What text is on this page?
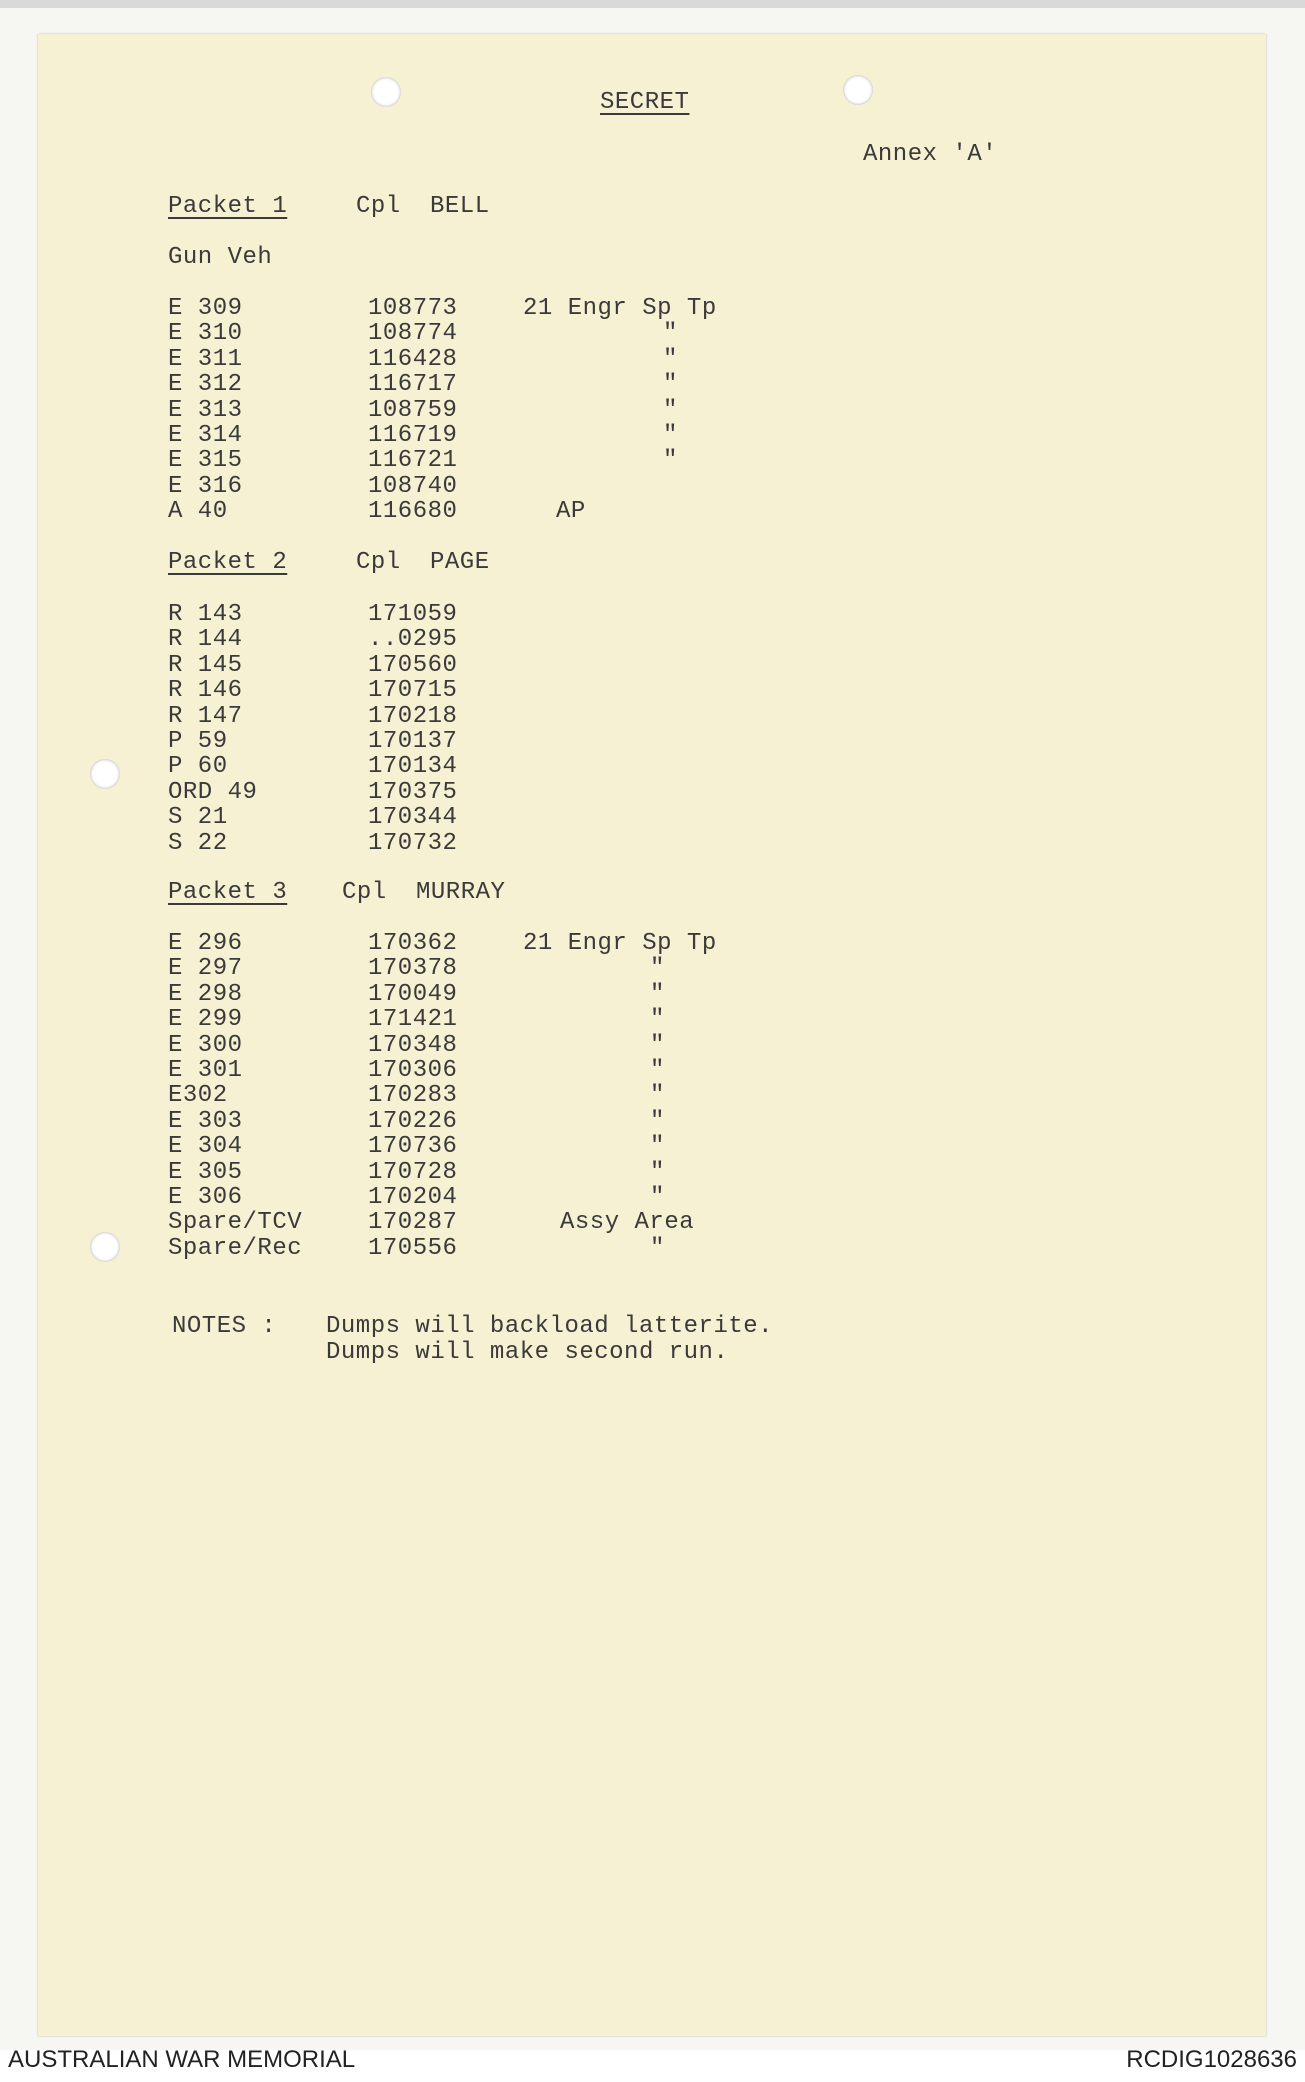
SECRET
Annex 'A'
Packet 1	Cpl BELL
Gun Veh
E 309	108773	21 Engr Sp Tp
E 310	108774	"
E 311	116428	"
E 312	116717	"
E 313	108759	"
E 314	116719	"
E 315	116721	"
E 316	108740
A 40	116680	AP
Packet 2	Cpl PAGE
R 143	171059
R 144	..0295
R 145	170560
R 146	170715
R 147	170218
P 59	170137
P 60	170134
ORD 49	170375
S 21	170344
S 22	170732
Packet 3 Cpl MURRAY
E 296	170362	21 Engr Sp Tp
E 297	170378	"
E 298	170049	"
E 299	171421	"
E 300	170348	"
E 301	170306	"
E302	170283	"
E 303	170226	"
E 304	170736	"
E 305	170728	"
E 306	170204	"
Spare/TCV	170287	Assy Area
Spare/Rec	170556	"
NOTES : Dumps will backload latterite.
Dumps will make second run.
AUSTRALIAN WAR MEMORIAL	RCDIG1028636
